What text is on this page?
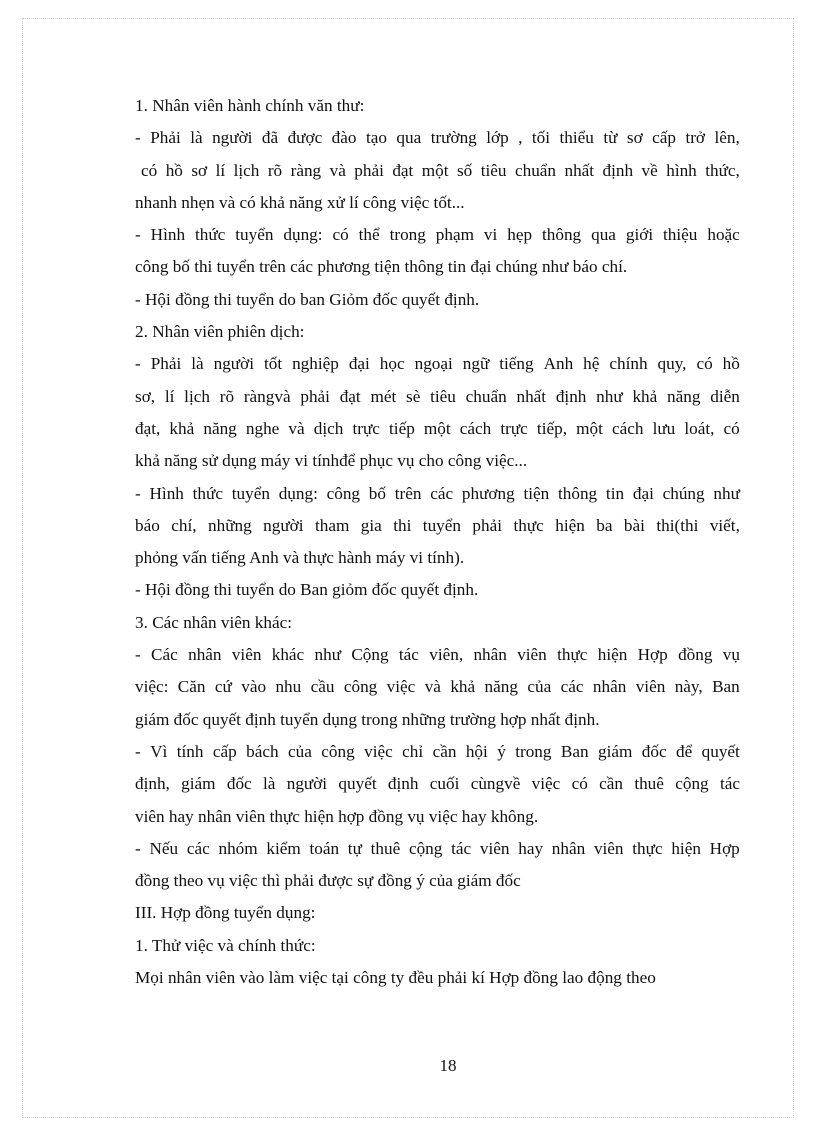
1. Nhân viên hành chính văn thư:
- Phải là người đã được đào tạo qua trường lớp , tối thiểu từ sơ cấp trở lên,
có hồ sơ lí lịch rõ ràng và phải đạt một số tiêu chuẩn nhất định về hình thức,
nhanh nhẹn và có khả năng xử lí công việc tốt...
- Hình thức tuyển dụng: có thể trong phạm vi hẹp thông qua giới thiệu hoặc
công bố thi tuyển trên các phương tiện thông tin đại chúng như báo chí.
- Hội đồng thi tuyển do ban Giỏm đốc quyết định.
2. Nhân viên phiên dịch:
- Phải là người tốt nghiệp đại học ngoại ngữ tiếng Anh hệ chính quy, có hồ
sơ, lí lịch rõ ràngvà phải đạt mét sè tiêu chuẩn nhất định như khả năng diễn
đạt, khả năng nghe và dịch trực tiếp một cách trực tiếp, một cách lưu loát, có
khả năng sử dụng máy vi tínhđể phục vụ cho công việc...
- Hình thức tuyển dụng: công bố trên các phương tiện thông tin đại chúng như
báo chí, những người tham gia thi tuyển phải thực hiện ba bài thi(thi viết,
phỏng vấn tiếng Anh và thực hành máy vi tính).
- Hội đồng thi tuyển do Ban giỏm đốc quyết định.
3. Các nhân viên khác:
- Các nhân viên khác như Cộng tác viên, nhân viên thực hiện Hợp đồng vụ
việc: Căn cứ vào nhu cầu công việc và khả năng của các nhân viên này, Ban
giám đốc quyết định tuyển dụng trong những trường hợp nhất định.
- Vì tính cấp bách của công việc chỉ cần hội ý trong Ban giám đốc để quyết
định, giám đốc là người quyết định cuối cùngvề việc có cần thuê cộng tác
viên hay nhân viên thực hiện hợp đồng vụ việc hay không.
- Nếu các nhóm kiểm toán tự thuê cộng tác viên hay nhân viên thực hiện Hợp
đồng theo vụ việc thì phải được sự đồng ý của giám đốc
III. Hợp đồng tuyển dụng:
1. Thử việc và chính thức:
Mọi nhân viên vào làm việc tại công ty đều phải kí Hợp đồng lao động theo
18
